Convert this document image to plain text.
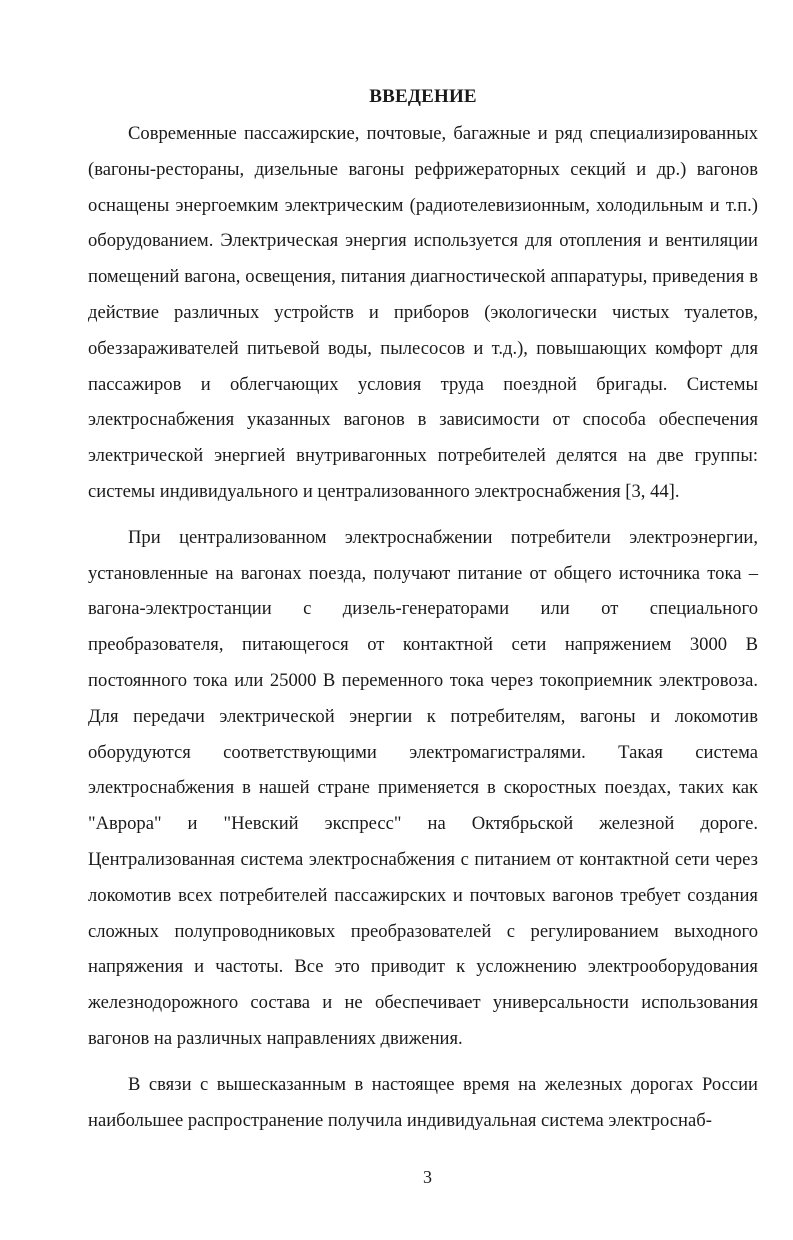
ВВЕДЕНИЕ

Современные пассажирские, почтовые, багажные и ряд специализированных (вагоны-рестораны, дизельные вагоны рефрижераторных секций и др.) вагонов оснащены энергоемким электрическим (радиотелевизионным, холодильным и т.п.) оборудованием. Электрическая энергия используется для отопления и вентиляции помещений вагона, освещения, питания диагностической аппаратуры, приведения в действие различных устройств и приборов (экологически чистых туалетов, обеззараживателей питьевой воды, пылесосов и т.д.), повышающих комфорт для пассажиров и облегчающих условия труда поездной бригады. Системы электроснабжения указанных вагонов в зависимости от способа обеспечения электрической энергией внутривагонных потребителей делятся на две группы: системы индивидуального и централизованного электроснабжения [3, 44].

При централизованном электроснабжении потребители электроэнергии, установленные на вагонах поезда, получают питание от общего источника тока – вагона-электростанции с дизель-генераторами или от специального преобразователя, питающегося от контактной сети напряжением 3000 В постоянного тока или 25000 В переменного тока через токоприемник электровоза. Для передачи электрической энергии к потребителям, вагоны и локомотив оборудуются соответствующими электромагистралями. Такая система электроснабжения в нашей стране применяется в скоростных поездах, таких как "Аврора" и "Невский экспресс" на Октябрьской железной дороге. Централизованная система электроснабжения с питанием от контактной сети через локомотив всех потребителей пассажирских и почтовых вагонов требует создания сложных полупроводниковых преобразователей с регулированием выходного напряжения и частоты. Все это приводит к усложнению электрооборудования железнодорожного состава и не обеспечивает универсальности использования вагонов на различных направлениях движения.

В связи с вышесказанным в настоящее время на железных дорогах России наибольшее распространение получила индивидуальная система электроснаб-

3
